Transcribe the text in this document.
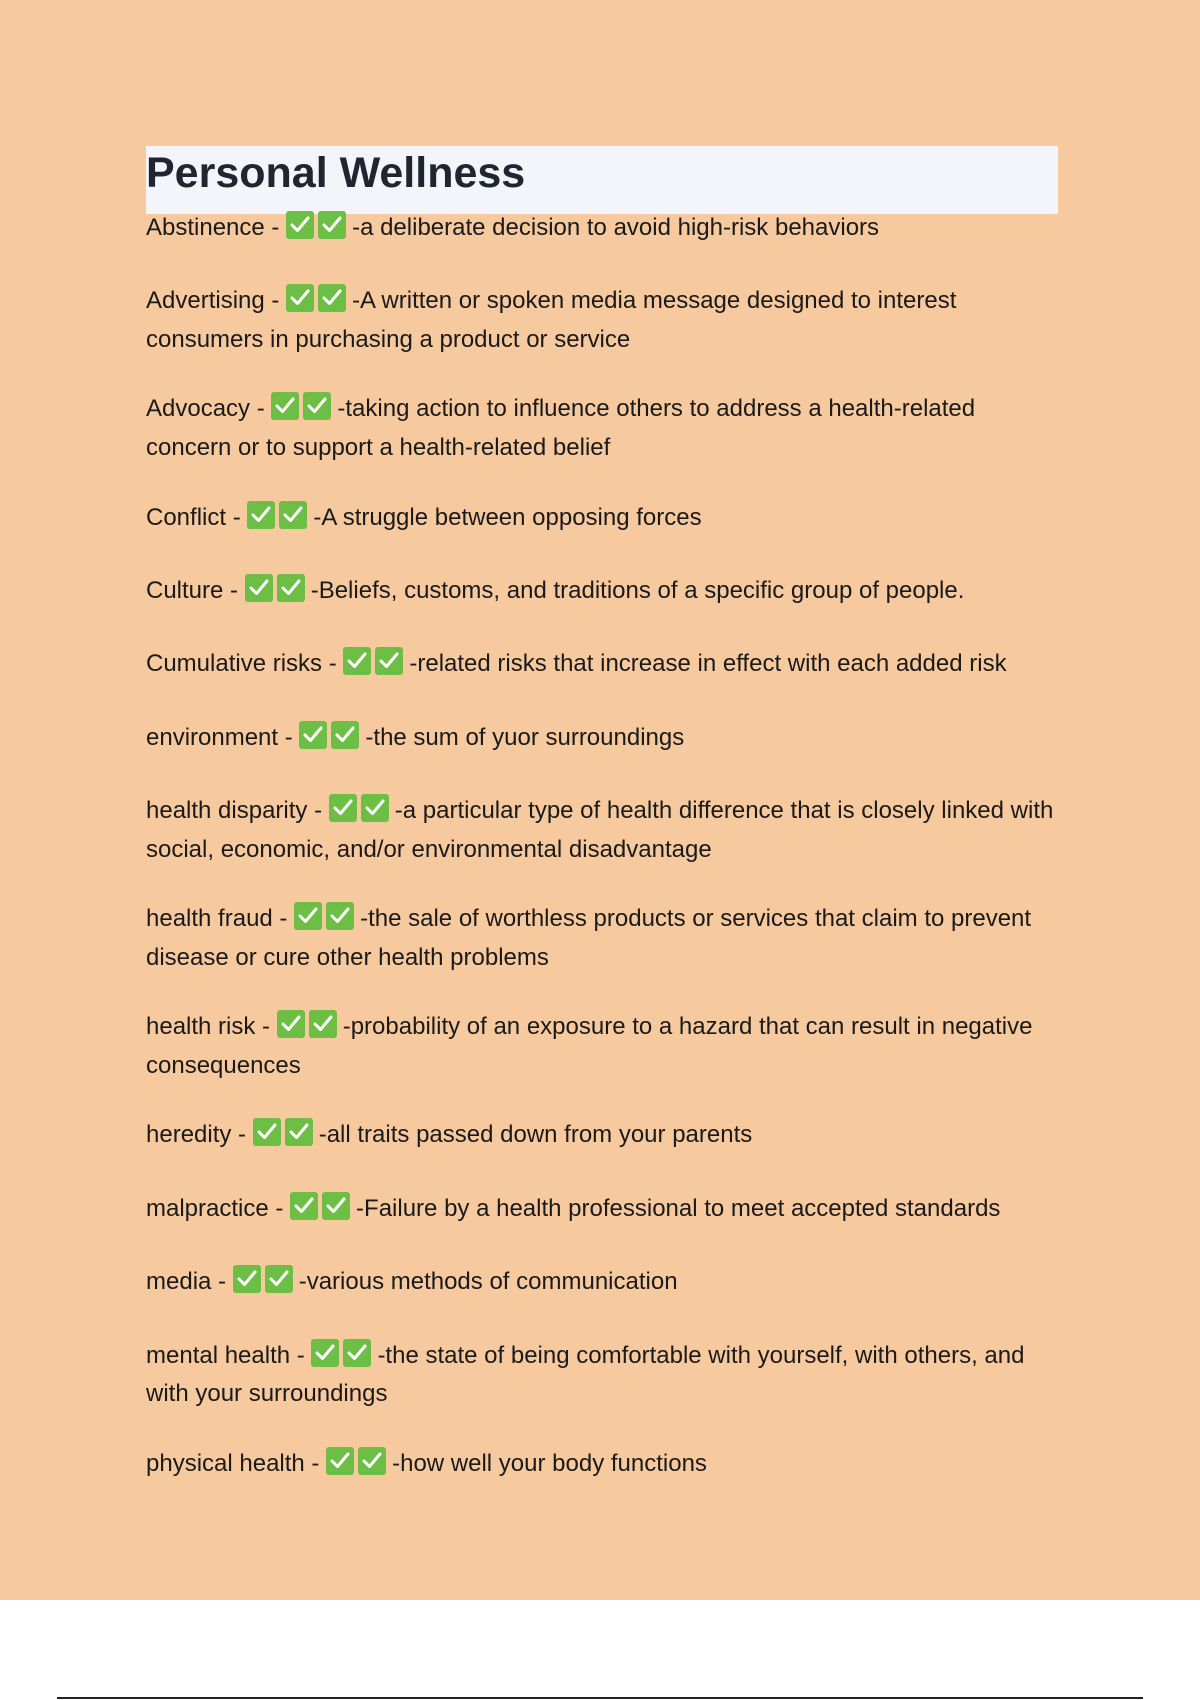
Personal Wellness
Abstinence -	-a deliberate decision to avoid high-risk behaviors
Advertising -	-A written or spoken media message designed to interest consumers in purchasing a product or service
Advocacy -	-taking action to influence others to address a health-related concern or to support a health-related belief
Conflict -	-A struggle between opposing forces
Culture -	-Beliefs, customs, and traditions of a specific group of people.
Cumulative risks -	-related risks that increase in effect with each added risk
environment -	-the sum of yuor surroundings
health disparity -	-a particular type of health difference that is closely linked with social, economic, and/or environmental disadvantage
health fraud -	-the sale of worthless products or services that claim to prevent disease or cure other health problems
health risk -	-probability of an exposure to a hazard that can result in negative consequences
heredity -	-all traits passed down from your parents
malpractice -	-Failure by a health professional to meet accepted standards
media -	-various methods of communication
mental health -	-the state of being comfortable with yourself, with others, and with your surroundings
physical health -	-how well your body functions
